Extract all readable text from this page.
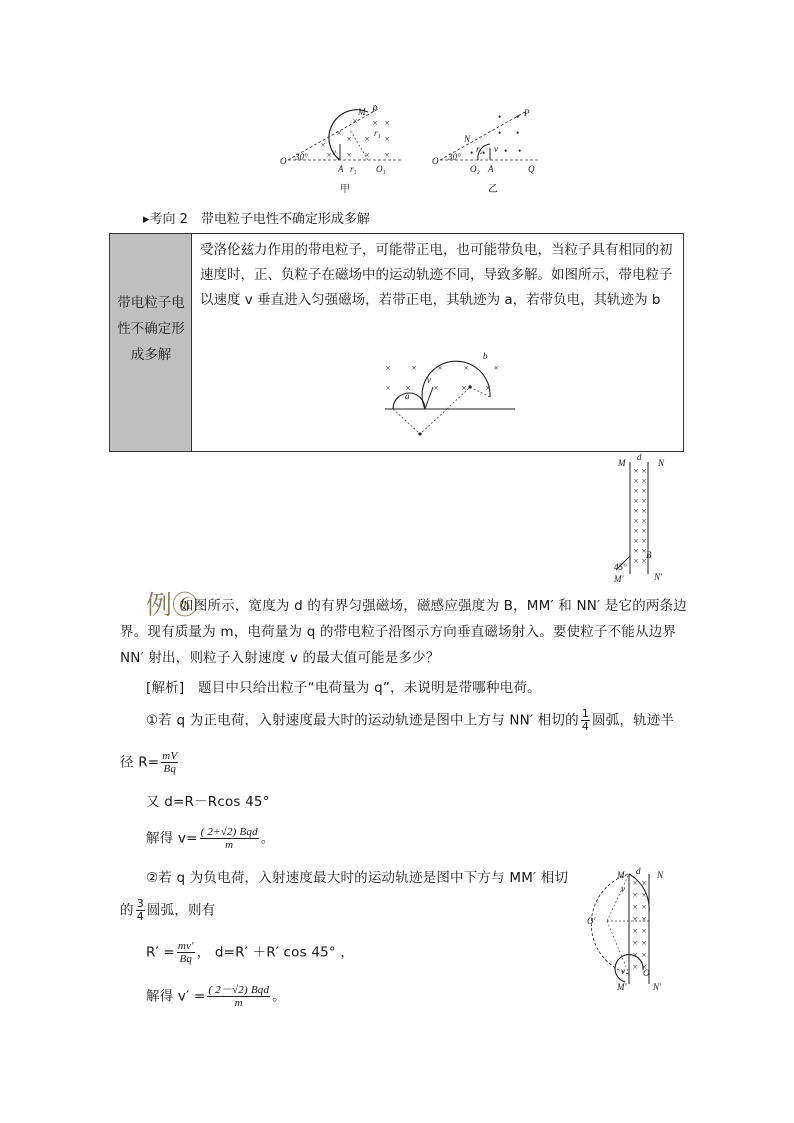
O 30°
M P
A r₁ O₁
r₁
v
×
×
× × ×
× × ×
× × ×
×
甲
O 30°
N
P
O₂ A	Q
r₂ v
• •
• •
• •
•
•
乙
▸考向 2　带电粒子电性不确定形成多解
带电粒子电性不确定形成多解
受洛伦兹力作用的带电粒子，可能带正电，也可能带负电，当粒子具有相同的初速度时，正、负粒子在磁场中的运动轨迹不同，导致多解。如图所示，带电粒子以速度 v 垂直进入匀强磁场，若带正电，其轨迹为 a，若带负电，其轨迹为 b
a
b
v
× × × × ×
× × × ×	×
M
d
N
B
45°
M′	N′
× ×
× ×
× ×
× ×
× ×
× ×
× ×
× ×
× ×
× ×
例⑥
如图所示，宽度为 d 的有界匀强磁场，磁感应强度为 B，MM′ 和 NN′ 是它的两条边
界。现有质量为 m，电荷量为 q 的带电粒子沿图示方向垂直磁场射入。要使粒子不能从边界
NN′ 射出，则粒子入射速度 v 的最大值可能是多少？
[解析]　题目中只给出粒子“电荷量为 q”，未说明是带哪种电荷。
①若 q 为正电荷，入射速度最大时的运动轨迹是图中上方与 NN′ 相切的 $\frac{1}{4}$ 圆弧，轨迹半
径 $R= \frac{mV}{Bq}$
又 d=R－Rcos 45°
解得 $v= \frac{\text{( 2+√2) Bqd}}{m}$ 。
②若 q 为负电荷，入射速度最大时的运动轨迹是图中下方与 MM′ 相切
的 $\frac{3}{4}$ 圆弧，则有
$R' = \frac{mv'}{Bq}$ ， d=R′ ＋R′ cos 45° ，
解得 $v' = \frac{\text{( 2－√2) Bqd}}{m}$ 。
M d N
v
O′
v O
M′	N′
× ×
× ×
× ×
× ×
× ×
× ×
× ×
× ×
